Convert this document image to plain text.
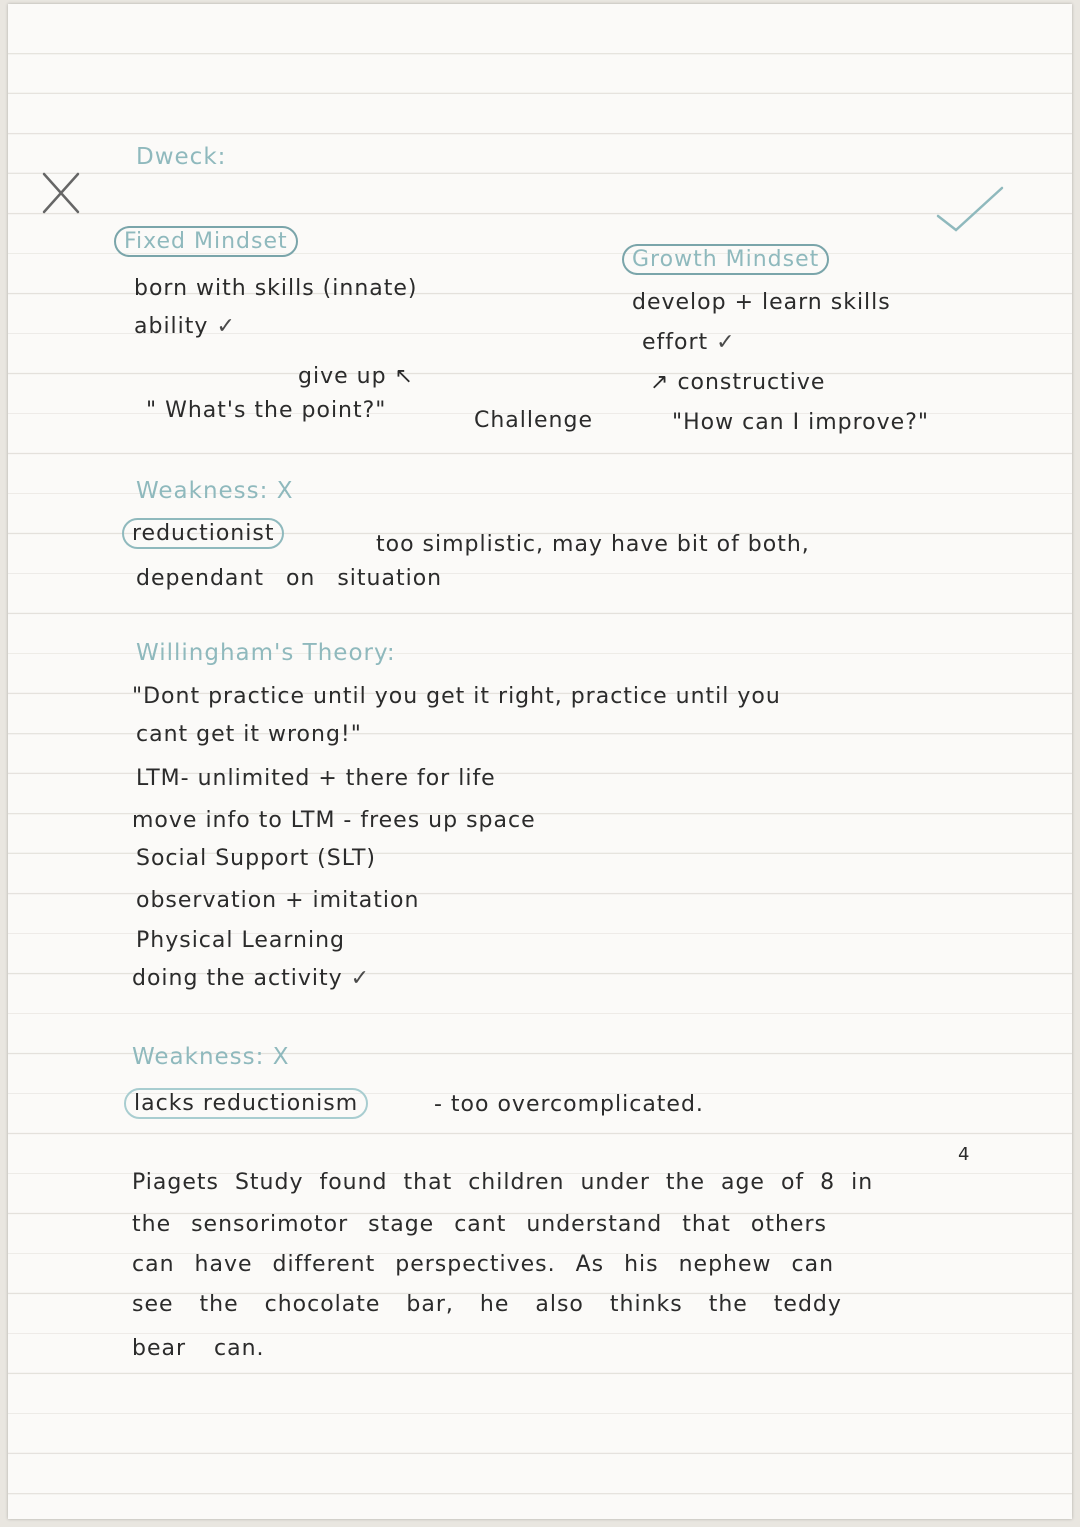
Dweck:
Fixed Mindset
born with skills (innate)
ability ✓
give up ↖
" What's the point?"	Challenge
Growth Mindset
develop + learn skills
effort ✓
↗ constructive
"How can I improve?"
Weakness: X
reductionist	too simplistic, may have bit of both,
dependant on situation
Willingham's Theory:
"Dont practice until you get it right, practice until you
cant get it wrong!"
LTM- unlimited + there for life
move info to LTM - frees up space
Social Support (SLT)
observation + imitation
Physical Learning
doing the activity ✓
Weakness: X
lacks reductionism	- too overcomplicated.
4
Piagets Study found that children under the age of 8 in
the sensorimotor stage cant understand that others
can have different perspectives. As his nephew can
see the chocolate bar, he also thinks the teddy
bear can.
